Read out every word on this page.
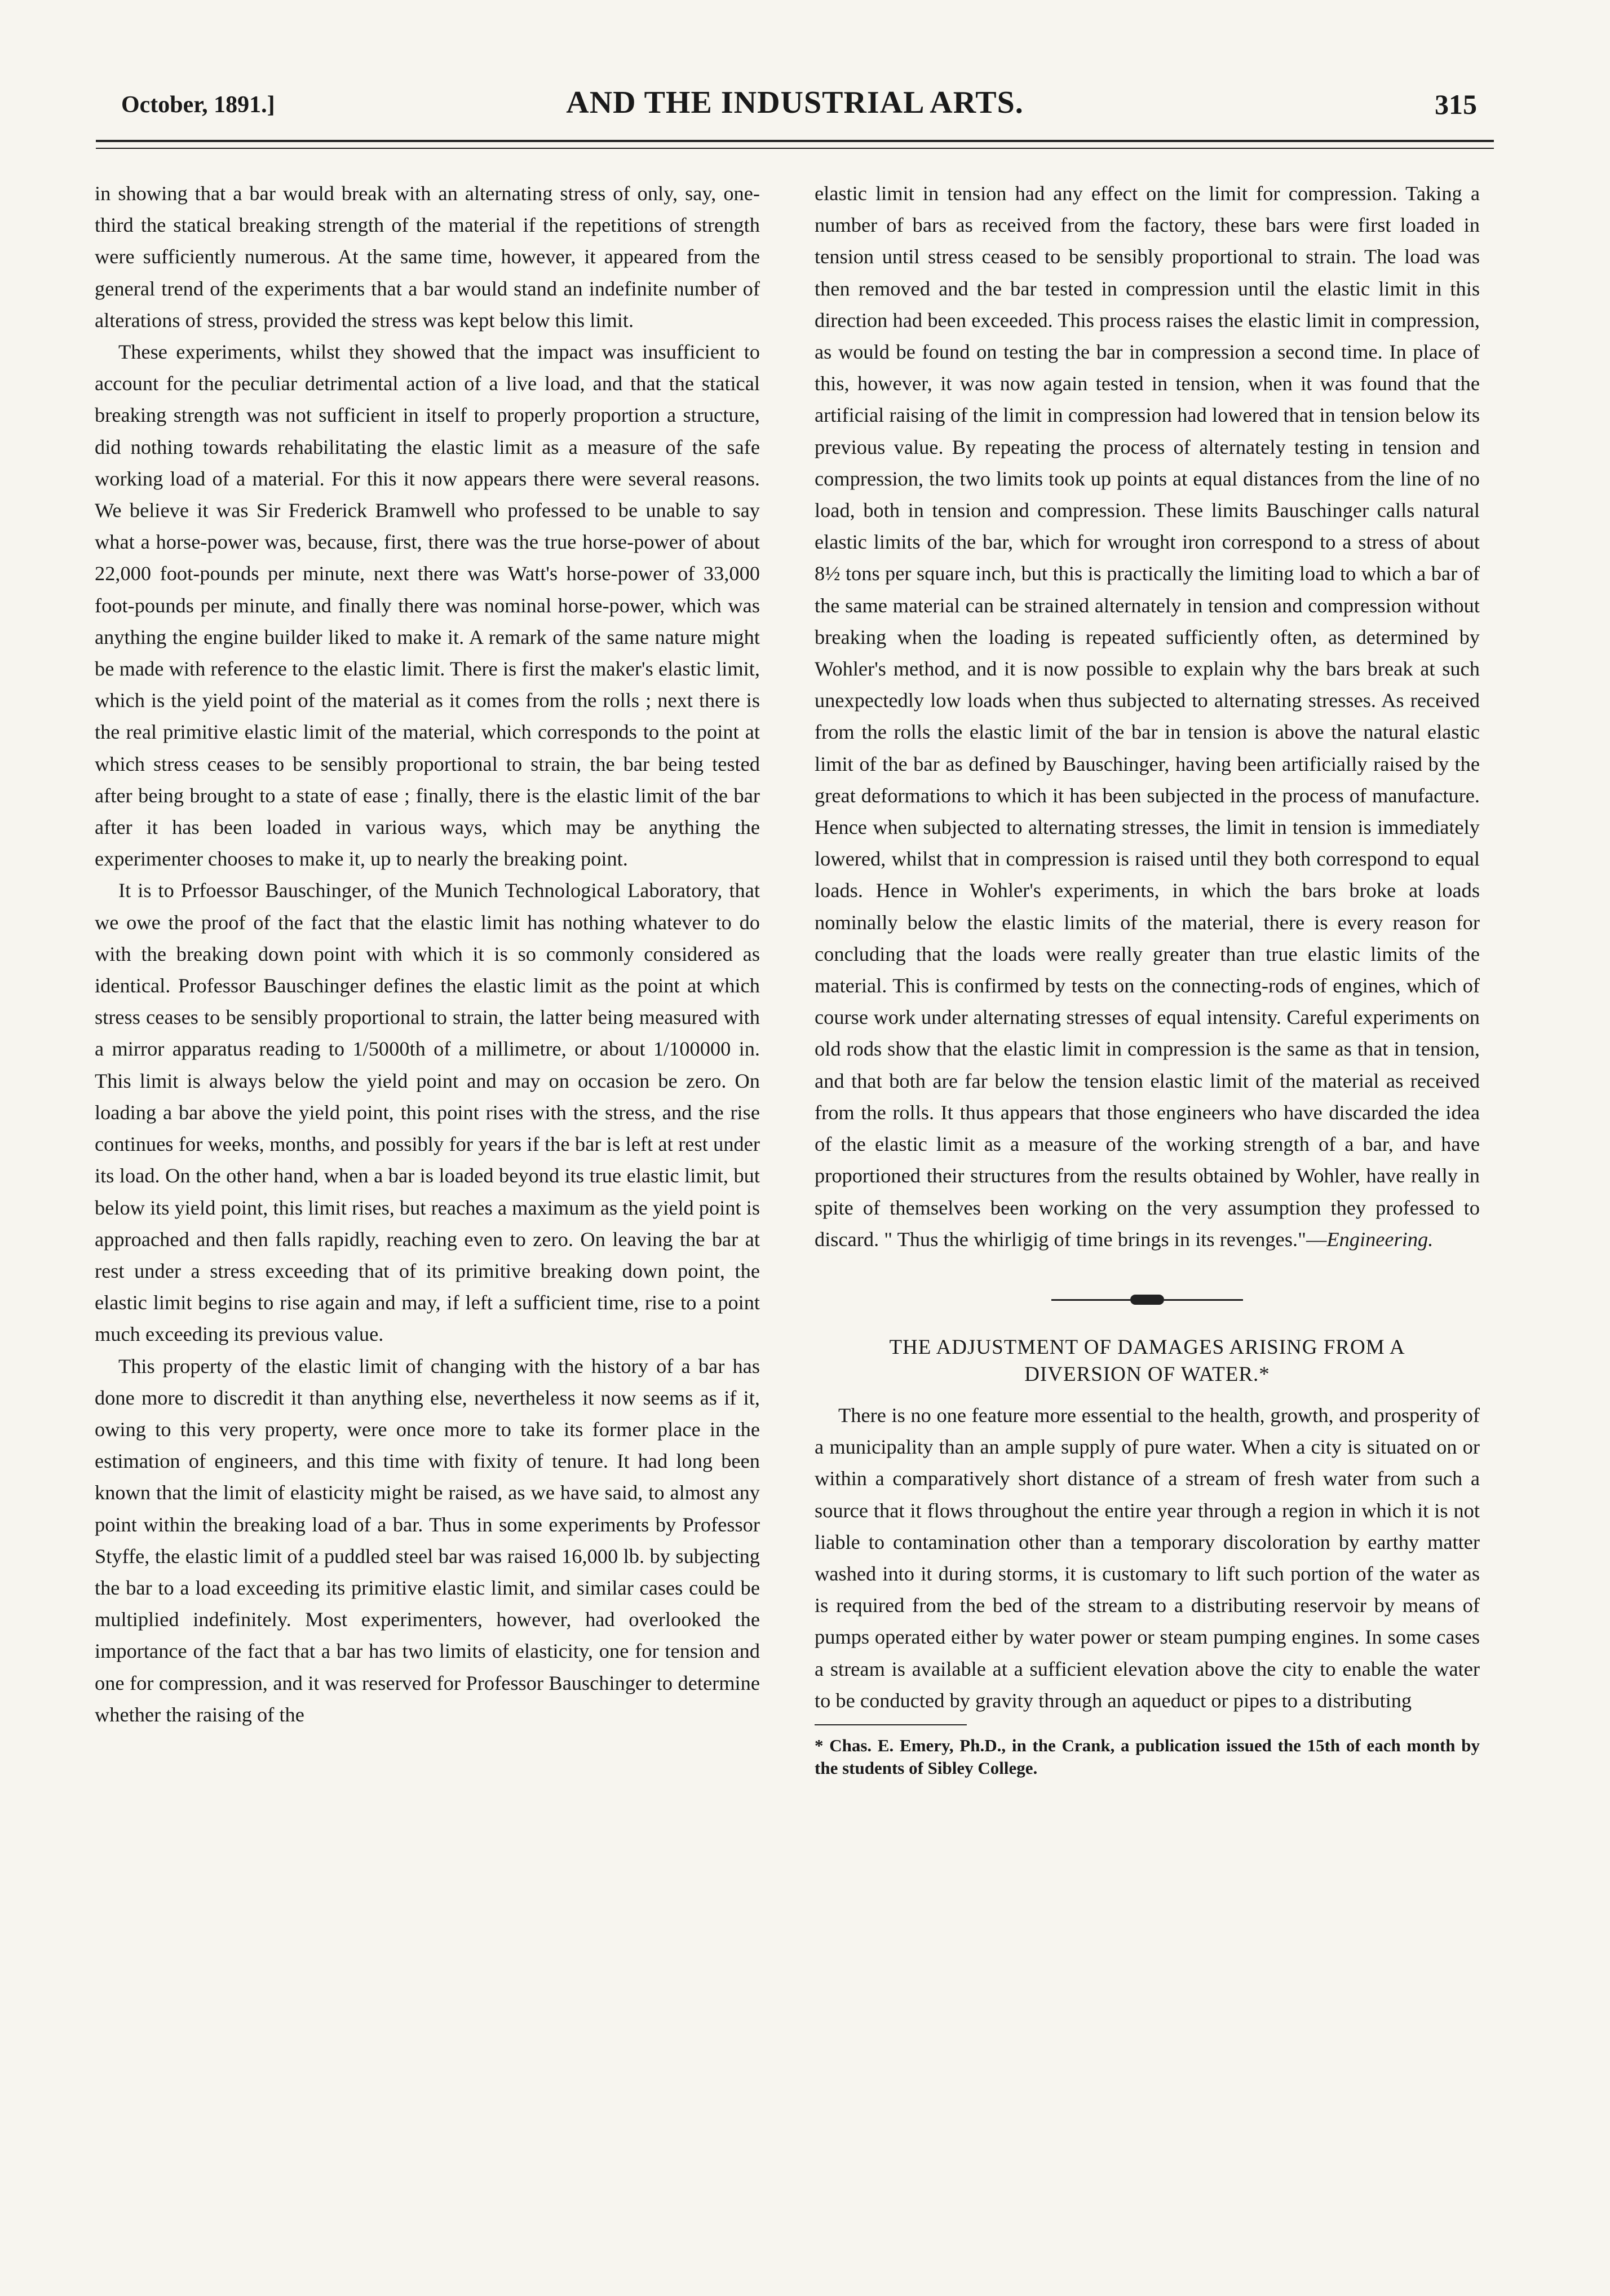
October, 1891.]	AND THE INDUSTRIAL ARTS.	315

in showing that a bar would break with an alternating stress of only, say, one-third the statical breaking strength of the material if the repetitions of strength were sufficiently numerous. At the same time, however, it appeared from the general trend of the experiments that a bar would stand an indefinite number of alterations of stress, provided the stress was kept below this limit.

These experiments, whilst they showed that the impact was insufficient to account for the peculiar detrimental action of a live load, and that the statical breaking strength was not sufficient in itself to properly proportion a structure, did nothing towards rehabilitating the elastic limit as a measure of the safe working load of a material. For this it now appears there were several reasons. We believe it was Sir Frederick Bramwell who professed to be unable to say what a horse-power was, because, first, there was the true horse-power of about 22,000 foot-pounds per minute, next there was Watt's horse-power of 33,000 foot-pounds per minute, and finally there was nominal horse-power, which was anything the engine builder liked to make it. A remark of the same nature might be made with reference to the elastic limit. There is first the maker's elastic limit, which is the yield point of the material as it comes from the rolls ; next there is the real primitive elastic limit of the material, which corresponds to the point at which stress ceases to be sensibly proportional to strain, the bar being tested after being brought to a state of ease ; finally, there is the elastic limit of the bar after it has been loaded in various ways, which may be anything the experimenter chooses to make it, up to nearly the breaking point.

It is to Prfoessor Bauschinger, of the Munich Technological Laboratory, that we owe the proof of the fact that the elastic limit has nothing whatever to do with the breaking down point with which it is so commonly considered as identical. Professor Bauschinger defines the elastic limit as the point at which stress ceases to be sensibly proportional to strain, the latter being measured with a mirror apparatus reading to 1/5000th of a millimetre, or about 1/100000 in. This limit is always below the yield point and may on occasion be zero. On loading a bar above the yield point, this point rises with the stress, and the rise continues for weeks, months, and possibly for years if the bar is left at rest under its load. On the other hand, when a bar is loaded beyond its true elastic limit, but below its yield point, this limit rises, but reaches a maximum as the yield point is approached and then falls rapidly, reaching even to zero. On leaving the bar at rest under a stress exceeding that of its primitive breaking down point, the elastic limit begins to rise again and may, if left a sufficient time, rise to a point much exceeding its previous value.

This property of the elastic limit of changing with the history of a bar has done more to discredit it than anything else, nevertheless it now seems as if it, owing to this very property, were once more to take its former place in the estimation of engineers, and this time with fixity of tenure. It had long been known that the limit of elasticity might be raised, as we have said, to almost any point within the breaking load of a bar. Thus in some experiments by Professor Styffe, the elastic limit of a puddled steel bar was raised 16,000 lb. by subjecting the bar to a load exceeding its primitive elastic limit, and similar cases could be multiplied indefinitely. Most experimenters, however, had overlooked the importance of the fact that a bar has two limits of elasticity, one for tension and one for compression, and it was reserved for Professor Bauschinger to determine whether the raising of the

elastic limit in tension had any effect on the limit for compression. Taking a number of bars as received from the factory, these bars were first loaded in tension until stress ceased to be sensibly proportional to strain. The load was then removed and the bar tested in compression until the elastic limit in this direction had been exceeded. This process raises the elastic limit in compression, as would be found on testing the bar in compression a second time. In place of this, however, it was now again tested in tension, when it was found that the artificial raising of the limit in compression had lowered that in tension below its previous value. By repeating the process of alternately testing in tension and compression, the two limits took up points at equal distances from the line of no load, both in tension and compression. These limits Bauschinger calls natural elastic limits of the bar, which for wrought iron correspond to a stress of about 8½ tons per square inch, but this is practically the limiting load to which a bar of the same material can be strained alternately in tension and compression without breaking when the loading is repeated sufficiently often, as determined by Wohler's method, and it is now possible to explain why the bars break at such unexpectedly low loads when thus subjected to alternating stresses. As received from the rolls the elastic limit of the bar in tension is above the natural elastic limit of the bar as defined by Bauschinger, having been artificially raised by the great deformations to which it has been subjected in the process of manufacture. Hence when subjected to alternating stresses, the limit in tension is immediately lowered, whilst that in compression is raised until they both correspond to equal loads. Hence in Wohler's experiments, in which the bars broke at loads nominally below the elastic limits of the material, there is every reason for concluding that the loads were really greater than true elastic limits of the material. This is confirmed by tests on the connecting-rods of engines, which of course work under alternating stresses of equal intensity. Careful experiments on old rods show that the elastic limit in compression is the same as that in tension, and that both are far below the tension elastic limit of the material as received from the rolls. It thus appears that those engineers who have discarded the idea of the elastic limit as a measure of the working strength of a bar, and have proportioned their structures from the results obtained by Wohler, have really in spite of themselves been working on the very assumption they professed to discard. " Thus the whirligig of time brings in its revenges."—Engineering.

THE ADJUSTMENT OF DAMAGES ARISING FROM A
DIVERSION OF WATER.*

There is no one feature more essential to the health, growth, and prosperity of a municipality than an ample supply of pure water. When a city is situated on or within a comparatively short distance of a stream of fresh water from such a source that it flows throughout the entire year through a region in which it is not liable to contamination other than a temporary discoloration by earthy matter washed into it during storms, it is customary to lift such portion of the water as is required from the bed of the stream to a distributing reservoir by means of pumps operated either by water power or steam pumping engines. In some cases a stream is available at a sufficient elevation above the city to enable the water to be conducted by gravity through an aqueduct or pipes to a distributing

* Chas. E. Emery, Ph.D., in the Crank, a publication issued the 15th of each month by the students of Sibley College.
